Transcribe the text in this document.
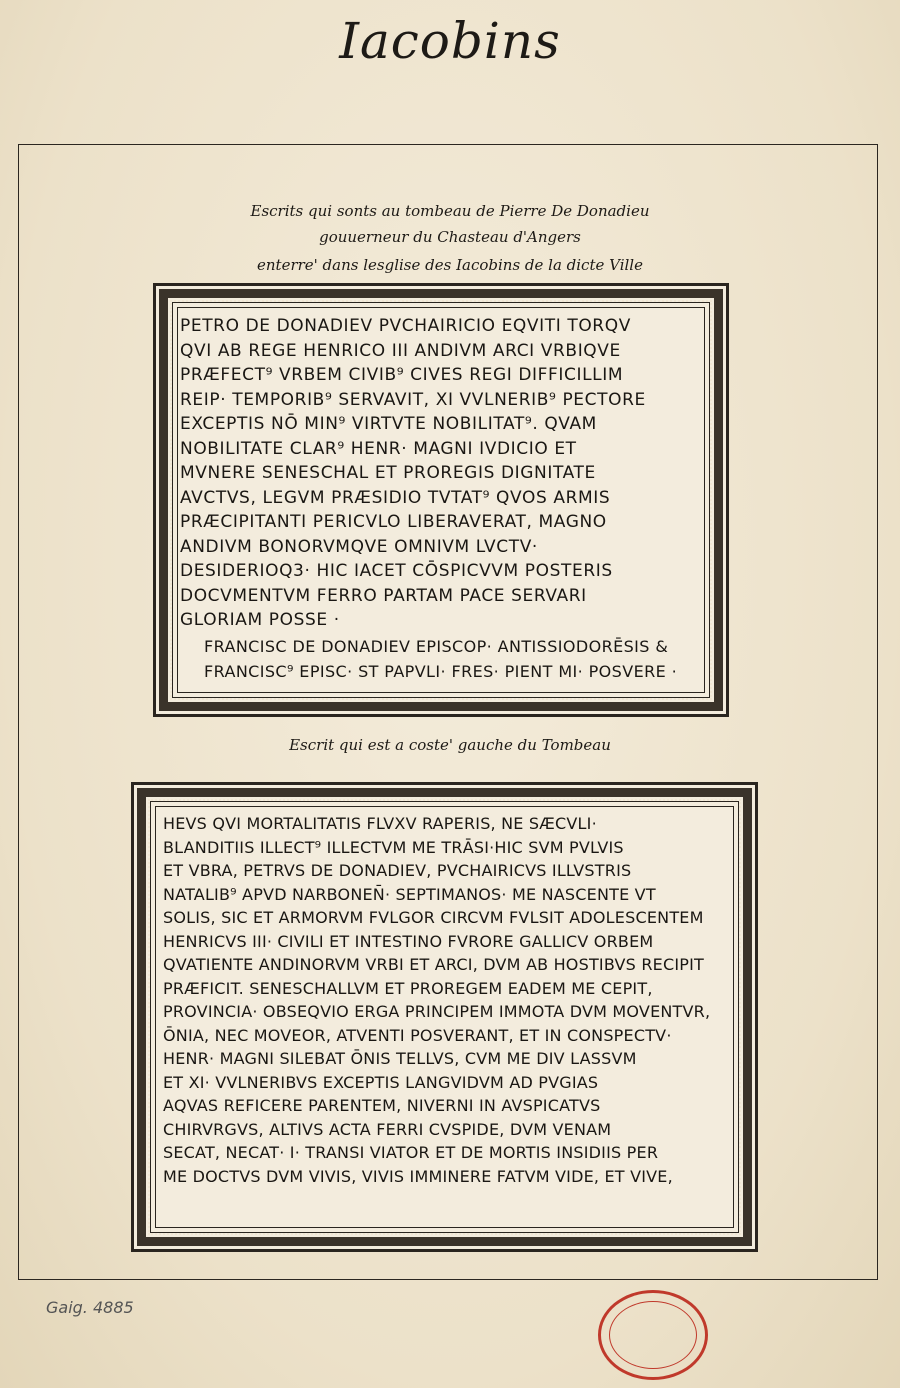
Iacobins
Escrits qui sonts au tombeau de Pierre De Donadieu
gouuerneur du Chasteau d'Angers
enterre' dans lesglise des Iacobins de la dicte Ville
PETRO DE DONADIEV PVCHAIRICIO EQVITI TORQV
QVI AB REGE HENRICO III ANDIVM ARCI VRBIQVE
PRÆFECT⁹ VRBEM CIVIB⁹ CIVES REGI DIFFICILLIM
REIP· TEMPORIB⁹ SERVAVIT, XI VVLNERIB⁹ PECTORE
EXCEPTIS NŌ MIN⁹ VIRTVTE NOBILITAT⁹. QVAM
NOBILITATE CLAR⁹ HENR· MAGNI IVDICIO ET
MVNERE SENESCHAL ET PROREGIS DIGNITATE
AVCTVS, LEGVM PRÆSIDIO TVTAT⁹ QVOS ARMIS
PRÆCIPITANTI PERICVLO LIBERAVERAT, MAGNO
ANDIVM BONORVMQVE OMNIVM LVCTV·
DESIDERIOQ3· HIC IACET CŌSPICVVM POSTERIS
DOCVMENTVM FERRO PARTAM PACE SERVARI
GLORIAM POSSE ·
FRANCISC DE DONADIEV EPISCOP· ANTISSIODORĒSIS &
FRANCISC⁹ EPISC· ST PAPVLI· FRES· PIENT MI· POSVERE ·
Escrit qui est a coste' gauche du Tombeau
HEVS QVI MORTALITATIS FLVXV RAPERIS, NE SÆCVLI·
BLANDITIIS ILLECT⁹ ILLECTVM ME TRĀSI·HIC SVM PVLVIS
ET VBRA, PETRVS DE DONADIEV, PVCHAIRICVS ILLVSTRIS
NATALIB⁹ APVD NARBONEN̄· SEPTIMANOS· ME NASCENTE VT
SOLIS, SIC ET ARMORVM FVLGOR CIRCVM FVLSIT ADOLESCENTEM
HENRICVS III· CIVILI ET INTESTINO FVRORE GALLICV ORBEM
QVATIENTE ANDINORVM VRBI ET ARCI, DVM AB HOSTIBVS RECIPIT
PRÆFICIT. SENESCHALLVM ET PROREGEM EADEM ME CEPIT,
PROVINCIA· OBSEQVIO ERGA PRINCIPEM IMMOTA DVM MOVENTVR,
ŌNIA, NEC MOVEOR, ATVENTI POSVERANT, ET IN CONSPECTV·
HENR· MAGNI SILEBAT ŌNIS TELLVS, CVM ME DIV LASSVM
ET XI· VVLNERIBVS EXCEPTIS LANGVIDVM AD PVGIAS
AQVAS REFICERE PARENTEM, NIVERNI IN AVSPICATVS
CHIRVRGVS, ALTIVS ACTA FERRI CVSPIDE, DVM VENAM
SECAT, NECAT· I· TRANSI VIATOR ET DE MORTIS INSIDIIS PER
ME DOCTVS DVM VIVIS, VIVIS IMMINERE FATVM VIDE, ET VIVE,
Gaig. 4885
